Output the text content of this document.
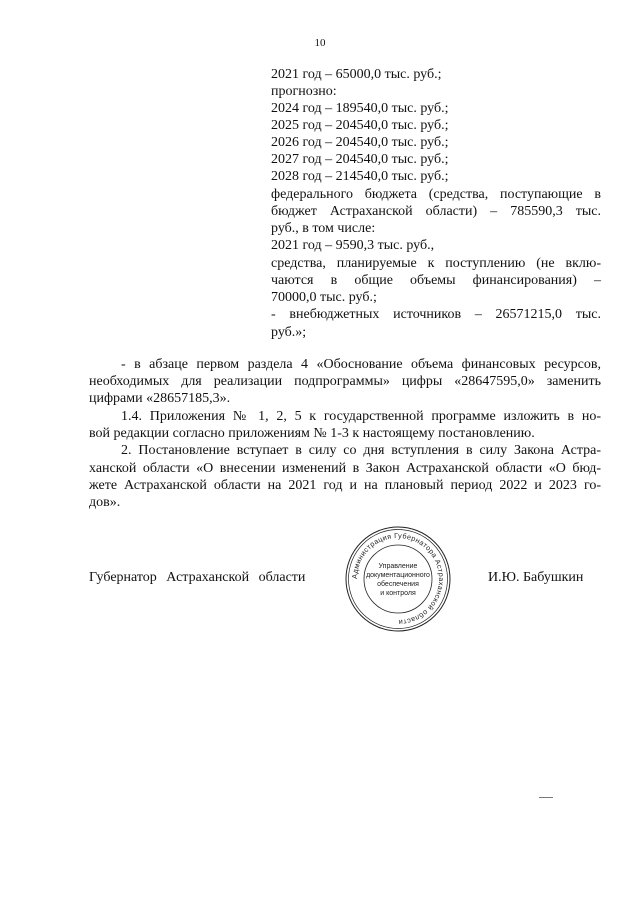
10
2021 год – 65000,0 тыс. руб.;
прогнозно:
2024 год – 189540,0 тыс. руб.;
2025 год – 204540,0 тыс. руб.;
2026 год – 204540,0 тыс. руб.;
2027 год – 204540,0 тыс. руб.;
2028 год – 214540,0 тыс. руб.;
федерального бюджета (средства, поступающие в
бюджет Астраханской области) – 785590,3 тыс.
руб., в том числе:
2021 год – 9590,3 тыс. руб.,
средства, планируемые к поступлению (не вклю-
чаются в общие объемы финансирования) –
70000,0 тыс. руб.;
- внебюджетных источников – 26571215,0 тыс.
руб.»;
- в абзаце первом раздела 4 «Обоснование объема финансовых ресурсов,
необходимых для реализации подпрограммы» цифры «28647595,0» заменить
цифрами «28657185,3».
1.4. Приложения № 1, 2, 5 к государственной программе изложить в но-
вой редакции согласно приложениям № 1-3 к настоящему постановлению.
2. Постановление вступает в силу со дня вступления в силу Закона Астра-
ханской области «О внесении изменений в Закон Астраханской области «О бюд-
жете Астраханской области на 2021 год и на плановый период 2022 и 2023 го-
дов».
Губернатор Астраханской области	И.Ю. Бабушкин
Администрация Губернатора Астраханской области
Управление
документационного
обеспечения
и контроля
